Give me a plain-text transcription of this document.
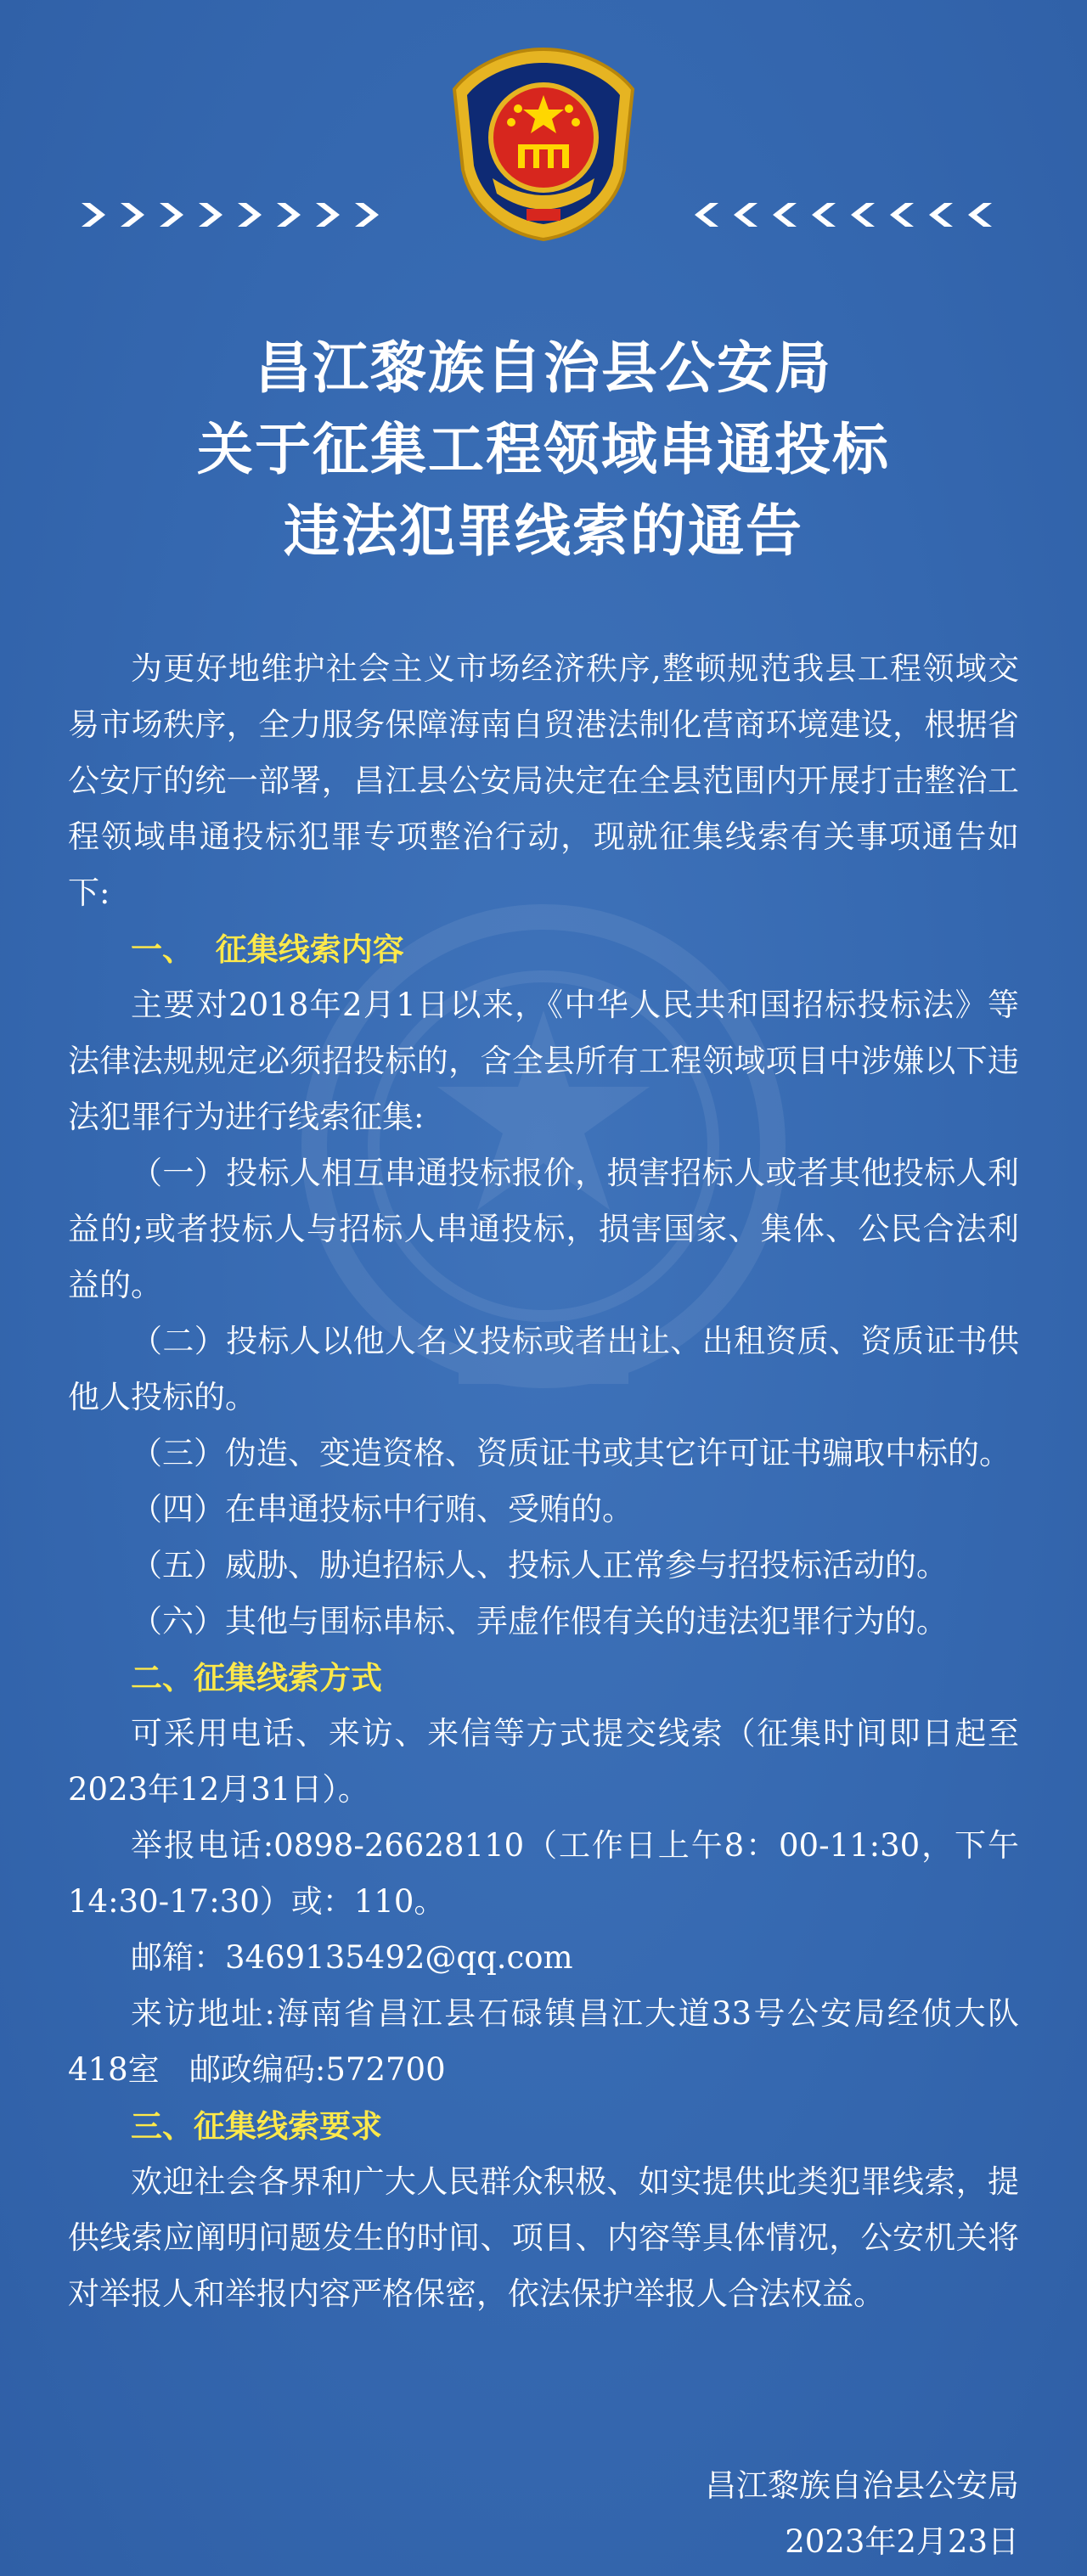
昌江黎族自治县公安局
关于征集工程领域串通投标
违法犯罪线索的通告

为更好地维护社会主义市场经济秩序,整顿规范我县工程领域交易市场秩序，全力服务保障海南自贸港法制化营商环境建设，根据省公安厅的统一部署，昌江县公安局决定在全县范围内开展打击整治工程领域串通投标犯罪专项整治行动，现就征集线索有关事项通告如下:

一、  征集线索内容

主要对2018年2月1日以来，《中华人民共和国招标投标法》等法律法规规定必须招投标的，含全县所有工程领域项目中涉嫌以下违法犯罪行为进行线索征集:

（一）投标人相互串通投标报价，损害招标人或者其他投标人利益的;或者投标人与招标人串通投标，损害国家、集体、公民合法利益的。

（二）投标人以他人名义投标或者出让、出租资质、资质证书供他人投标的。

（三）伪造、变造资格、资质证书或其它许可证书骗取中标的。

（四）在串通投标中行贿、受贿的。

（五）威胁、胁迫招标人、投标人正常参与招投标活动的。

（六）其他与围标串标、弄虚作假有关的违法犯罪行为的。

二、征集线索方式

可采用电话、来访、来信等方式提交线索（征集时间即日起至2023年12月31日）。

举报电话:0898-26628110（工作日上午8：00-11:30，下午14:30-17:30）或：110。

邮箱：3469135492@qq.com

来访地址:海南省昌江县石碌镇昌江大道33号公安局经侦大队418室   邮政编码:572700

三、征集线索要求

欢迎社会各界和广大人民群众积极、如实提供此类犯罪线索，提供线索应阐明问题发生的时间、项目、内容等具体情况，公安机关将对举报人和举报内容严格保密，依法保护举报人合法权益。

昌江黎族自治县公安局
2023年2月23日
